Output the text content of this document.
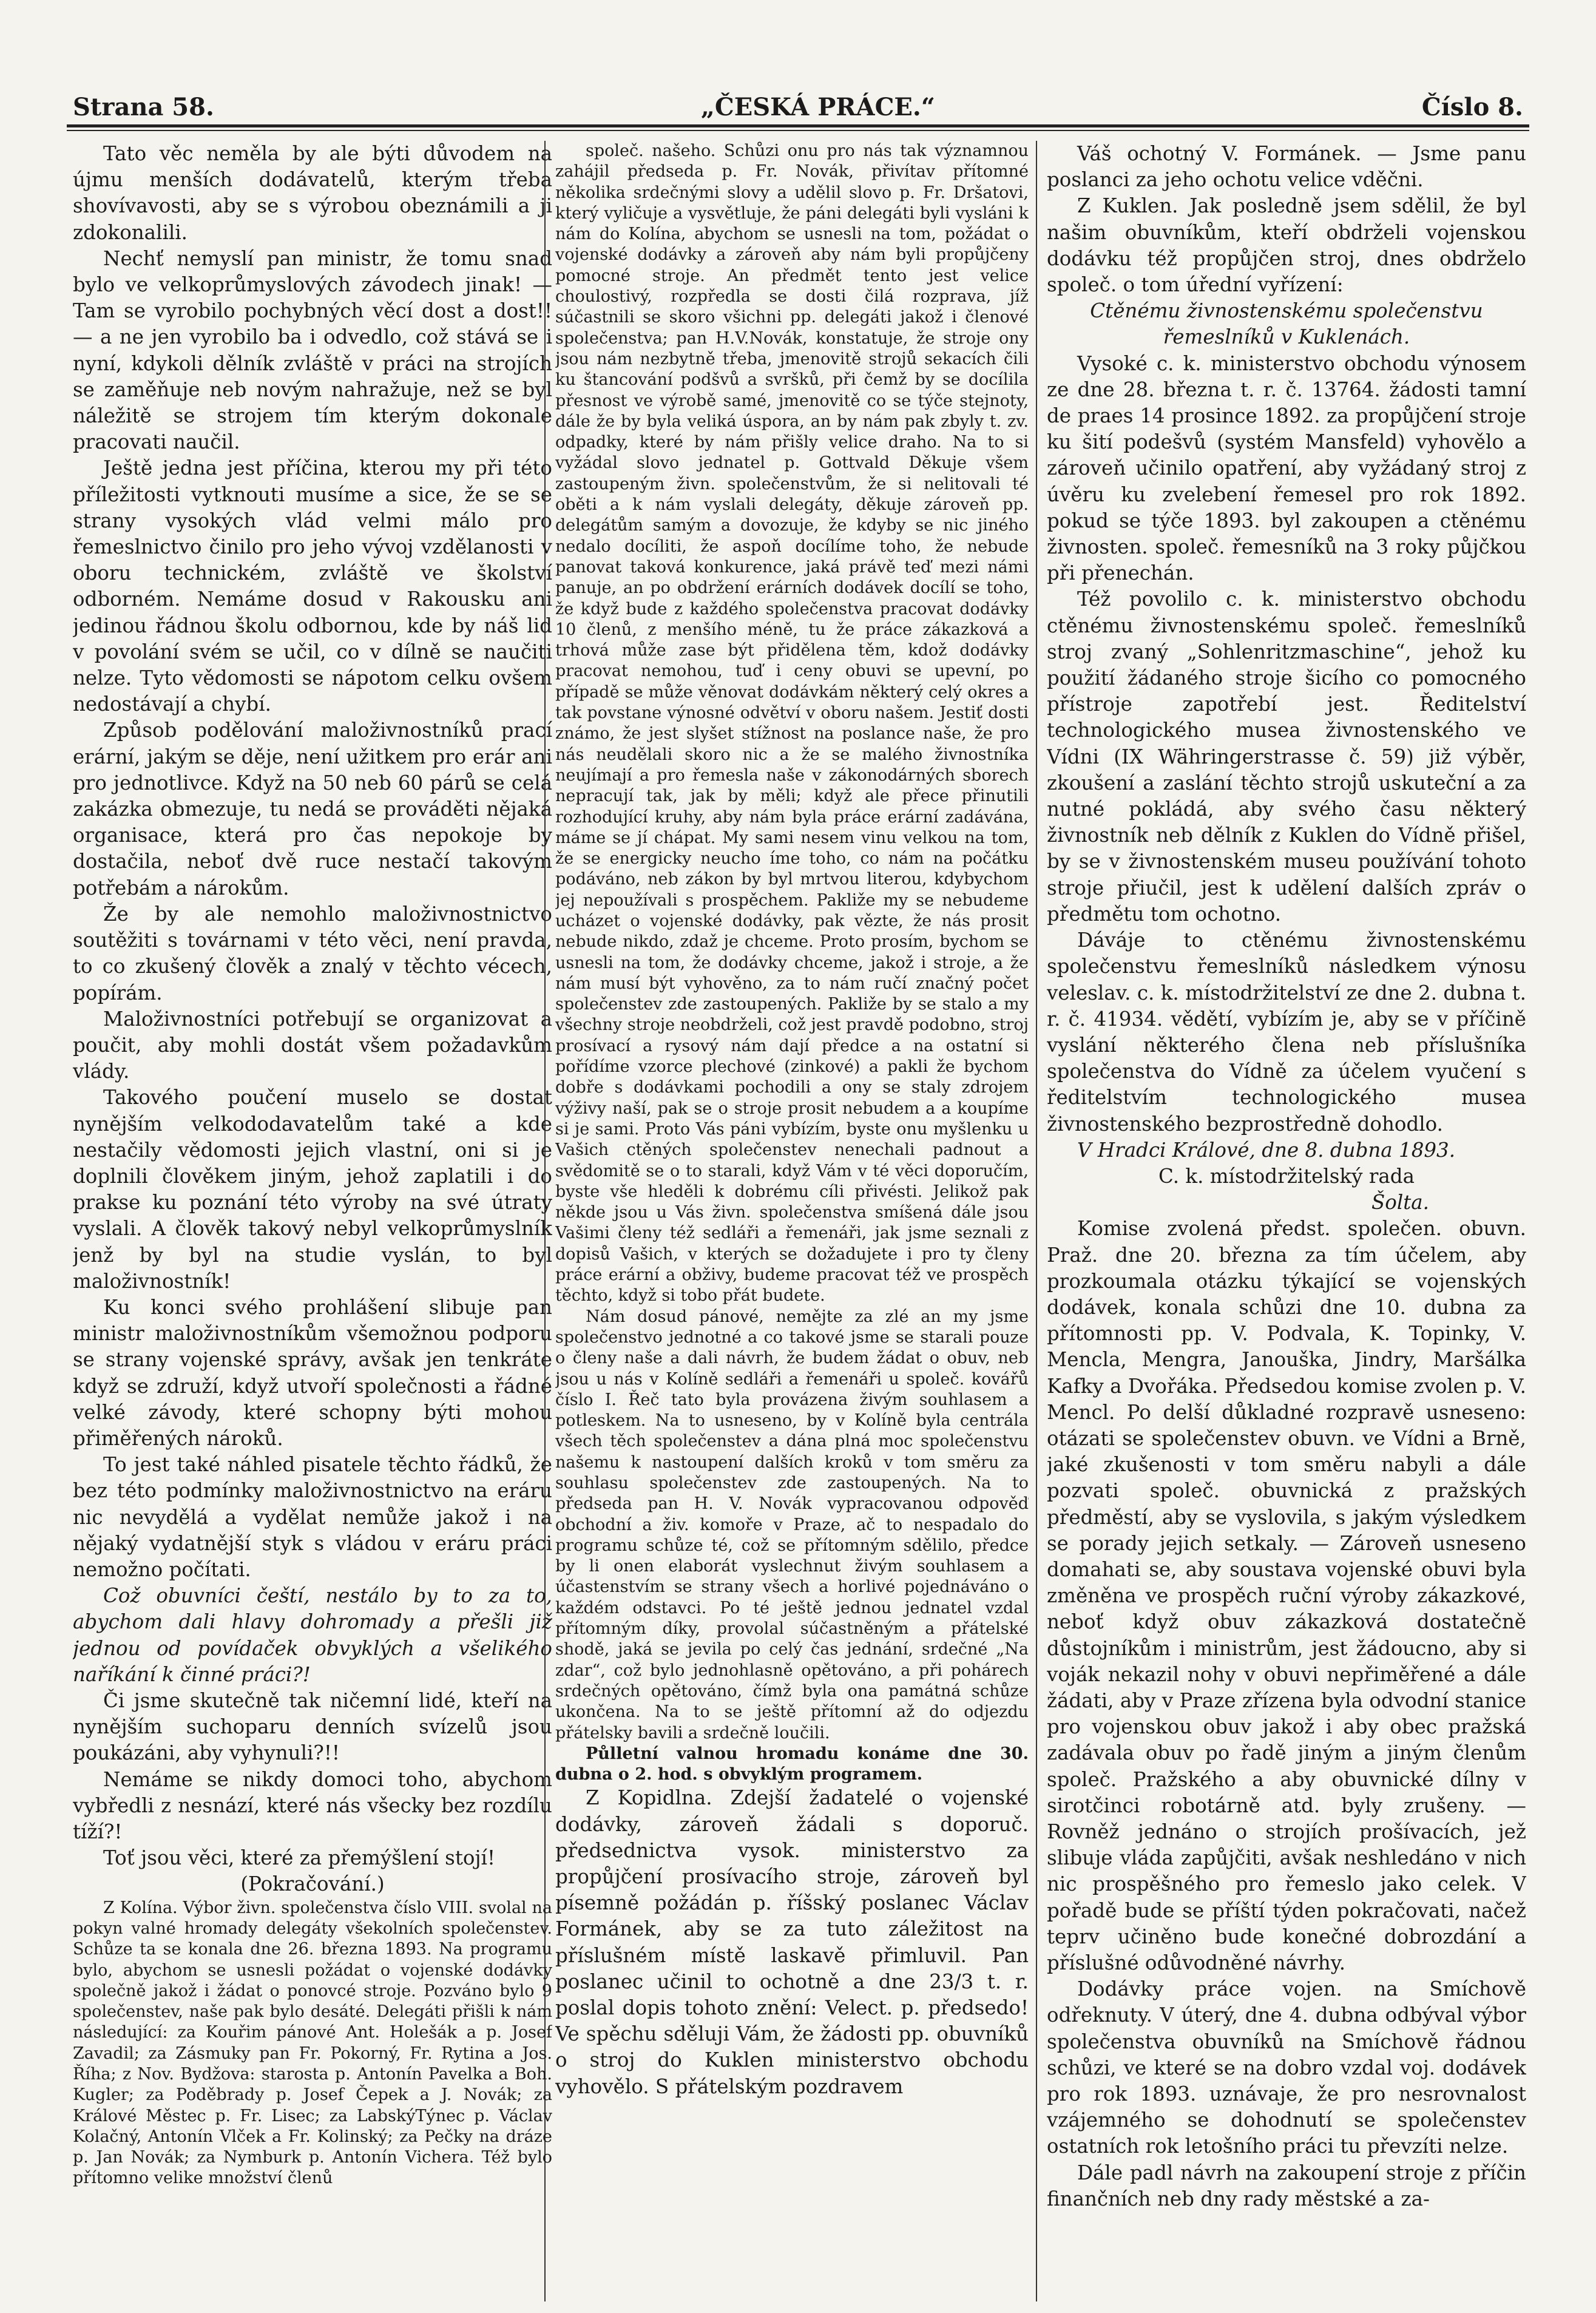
Strana 58.	„ČESKÁ PRÁCE.“	Číslo 8.

Tato věc neměla by ale býti důvodem na újmu menších dodávatelů, kterým třeba shovívavosti, aby se s výrobou obeznámili a ji zdokonalili.

Nechť nemyslí pan ministr, že tomu snad bylo ve velkoprůmyslových závodech jinak! — Tam se vyrobilo pochybných věcí dost a dost!! — a ne jen vyrobilo ba i odvedlo, což stává se i nyní, kdykoli dělník zvláště v práci na strojích se zaměňuje neb novým nahražuje, než se byl náležitě se strojem tím kterým dokonale pracovati naučil.

Ještě jedna jest příčina, kterou my při této příležitosti vytknouti musíme a sice, že se se strany vysokých vlád velmi málo pro řemeslnictvo činilo pro jeho vývoj vzdělanosti v oboru technickém, zvláště ve školství odborném. Nemáme dosud v Rakousku ani jedinou řádnou školu odbornou, kde by náš lid v povolání svém se učil, co v dílně se naučiti nelze. Tyto vědomosti se nápotom celku ovšem nedostávají a chybí.

Způsob podělování maloživnostníků prací erární, jakým se děje, není užitkem pro erár ani pro jednotlivce. Když na 50 neb 60 párů se celá zakázka obmezuje, tu nedá se prováděti nějaká organisace, která pro čas nepokoje by dostačila, neboť dvě ruce nestačí takovým potřebám a nárokům.

Že by ale nemohlo maloživnostnictvo soutěžiti s továrnami v této věci, není pravda, to co zkušený člověk a znalý v těchto vécech, popírám.

Maloživnostníci potřebují se organizovat a poučit, aby mohli dostát všem požadavkům vlády.

Takového poučení muselo se dostat nynějším velkododavatelům také a kde nestačily vědomosti jejich vlastní, oni si je doplnili člověkem jiným, jehož zaplatili i do prakse ku poznání této výroby na své útraty vyslali. A člověk takový nebyl velkoprůmyslník jenž by byl na studie vyslán, to byl maloživnostník!

Ku konci svého prohlášení slibuje pan ministr maloživnostníkům všemožnou podporu se strany vojenské správy, avšak jen tenkráte když se združí, když utvoří společnosti a řádné velké závody, které schopny býti mohou přiměřených nároků.

To jest také náhled pisatele těchto řádků, že bez této podmínky maloživnostnictvo na eráru nic nevydělá a vydělat nemůže jakož i na nějaký vydatnější styk s vládou v eráru práci nemožno počítati.

Což obuvníci čeští, nestálo by to za to, abychom dali hlavy dohromady a přešli již jednou od povídaček obvyklých a všelikého naříkání k činné práci?!

Či jsme skutečně tak ničemní lidé, kteří na nynějším suchoparu denních svízelů jsou poukázáni, aby vyhynuli?!!

Nemáme se nikdy domoci toho, abychom vybředli z nesnází, které nás všecky bez rozdílu tíží?!

Toť jsou věci, které za přemýšlení stojí!

(Pokračování.)

Z Kolína. Výbor živn. společenstva číslo VIII. svolal na pokyn valné hromady delegáty všekolních společenstev. Schůze ta se konala dne 26. března 1893. Na programu bylo, abychom se usnesli požádat o vojenské dodávky společně jakož i žádat o ponovcé stroje. Pozváno bylo 9 společenstev, naše pak bylo desáté. Delegáti přišli k nám následující: za Kouřim pánové Ant. Holešák a p. Josef Zavadil; za Zásmuky pan Fr. Pokorný, Fr. Rytina a Jos. Říha; z Nov. Bydžova: starosta p. Antonín Pavelka a Boh. Kugler; za Poděbrady p. Josef Čepek a J. Novák; za Králové Městec p. Fr. Lisec; za LabskýTýnec p. Václav Kolačný, Antonín Vlček a Fr. Kolinský; za Pečky na dráze p. Jan Novák; za Nymburk p. Antonín Vichera. Též bylo přítomno velike množství členů

společ. našeho. Schůzi onu pro nás tak významnou zahájil předseda p. Fr. Novák, přivítav přítomné několika srdečnými slovy a udělil slovo p. Fr. Dršatovi, který vyličuje a vysvětluje, že páni delegáti byli vysláni k nám do Kolína, abychom se usnesli na tom, požádat o vojenské dodávky a zároveň aby nám byli propůjčeny pomocné stroje. An předmět tento jest velice choulostivý, rozpředla se dosti čilá rozprava, jíž súčastnili se skoro všichni pp. delegáti jakož i členové společenstva; pan H.V.Novák, konstatuje, že stroje ony jsou nám nezbytně třeba, jmenovitě strojů sekacích čili ku štancování podšvů a svršků, při čemž by se docílila přesnost ve výrobě samé, jmenovitě co se týče stejnoty, dále že by byla veliká úspora, an by nám pak zbyly t. zv. odpadky, které by nám přišly velice draho. Na to si vyžádal slovo jednatel p. Gottvald Děkuje všem zastoupeným živn. společenstvům, že si nelitovali té oběti a k nám vyslali delegáty, děkuje zároveň pp. delegátům samým a dovozuje, že kdyby se nic jiného nedalo docíliti, že aspoň docílíme toho, že nebude panovat taková konkurence, jaká právě teď mezi námi panuje, an po obdržení erárních dodávek docílí se toho, že když bude z každého společenstva pracovat dodávky 10 členů, z menšího méně, tu že práce zákazková a trhová může zase být přidělena těm, kdož dodávky pracovat nemohou, tuď i ceny obuvi se upevní, po případě se může věnovat dodávkám některý celý okres a tak povstane výnosné odvětví v oboru našem. Jestiť dosti známo, že jest slyšet stížnost na poslance naše, že pro nás neudělali skoro nic a že se malého živnostníka neujímají a pro řemesla naše v zákonodárných sborech nepracují tak, jak by měli; když ale přece přinutili rozhodující kruhy, aby nám byla práce erární zadávána, máme se jí chápat. My sami nesem vinu velkou na tom, že se energicky neucho íme toho, co nám na počátku podáváno, neb zákon by byl mrtvou literou, kdybychom jej nepoužívali s prospěchem. Pakliže my se nebudeme ucházet o vojenské dodávky, pak vězte, že nás prosit nebude nikdo, zdaž je chceme. Proto prosím, bychom se usnesli na tom, že dodávky chceme, jakož i stroje, a že nám musí být vyhověno, za to nám ručí značný počet společenstev zde zastoupených. Pakliže by se stalo a my všechny stroje neobdrželi, což jest pravdě podobno, stroj prosívací a rysový nám dají předce a na ostatní si pořídíme vzorce plechové (zinkové) a pakli že bychom dobře s dodávkami pochodili a ony se staly zdrojem výživy naší, pak se o stroje prosit nebudem a a koupíme si je sami. Proto Vás páni vybízím, byste onu myšlenku u Vašich ctěných společenstev nenechali padnout a svědomitě se o to starali, když Vám v té věci doporučím, byste vše hleděli k dobrému cíli přivésti. Jelikož pak někde jsou u Vás živn. společenstva smíšená dále jsou Vašimi členy též sedláři a řemenáři, jak jsme seznali z dopisů Vašich, v kterých se dožadujete i pro ty členy práce erární a obživy, budeme pracovat též ve prospěch těchto, když si tobo přát budete.

Nám dosud pánové, nemějte za zlé an my jsme společenstvo jednotné a co takové jsme se starali pouze o členy naše a dali návrh, že budem žádat o obuv, neb jsou u nás v Kolíně sedláři a řemenáři u společ. kovářů číslo I. Řeč tato byla provázena živým souhlasem a potleskem. Na to usneseno, by v Kolíně byla centrála všech těch společenstev a dána plná moc společenstvu našemu k nastoupení dalších kroků v tom směru za souhlasu společenstev zde zastoupených. Na to předseda pan H. V. Novák vypracovanou odpověď obchodní a živ. komoře v Praze, ač to nespadalo do programu schůze té, což se přítomným sdělilo, předce by li onen elaborát vyslechnut živým souhlasem a účastenstvím se strany všech a horlivé pojednáváno o každém odstavci. Po té ještě jednou jednatel vzdal přítomným díky, provolal súčastněným a přátelské shodě, jaká se jevila po celý čas jednání, srdečné „Na zdar“, což bylo jednohlasně opětováno, a při pohárech srdečných opětováno, čímž byla ona památná schůze ukončena. Na to se ještě přítomní až do odjezdu přátelsky bavili a srdečně loučili.

Půlletní valnou hromadu konáme dne 30. dubna o 2. hod. s obvyklým programem.

Z Kopidlna. Zdejší žadatelé o vojenské dodávky, zároveň žádali s doporuč. předsednictva vysok. ministerstvo za propůjčení prosívacího stroje, zároveň byl písemně požádán p. říšský poslanec Václav Formánek, aby se za tuto záležitost na příslušném místě laskavě přimluvil. Pan poslanec učinil to ochotně a dne 23/3 t. r. poslal dopis tohoto znění: Velect. p. předsedo! Ve spěchu sděluji Vám, že žádosti pp. obuvníků o stroj do Kuklen ministerstvo obchodu vyhovělo. S přátelským pozdravem

Váš ochotný V. Formánek. — Jsme panu poslanci za jeho ochotu velice vděčni.

Z Kuklen. Jak posledně jsem sdělil, že byl našim obuvníkům, kteří obdrželi vojenskou dodávku též propůjčen stroj, dnes obdrželo společ. o tom úřední vyřízení:

Ctěnému živnostenskému společenstvu řemeslníků v Kuklenách.

Vysoké c. k. ministerstvo obchodu výnosem ze dne 28. března t. r. č. 13764. žádosti tamní de praes 14 prosince 1892. za propůjčení stroje ku šití podešvů (systém Mansfeld) vyhovělo a zároveň učinilo opatření, aby vyžádaný stroj z úvěru ku zvelebení řemesel pro rok 1892. pokud se týče 1893. byl zakoupen a ctěnému živnosten. společ. řemesníků na 3 roky půjčkou při přenechán.

Též povolilo c. k. ministerstvo obchodu ctěnému živnostenskému společ. řemeslníků stroj zvaný „Sohlenritzmaschine“, jehož ku použití žádaného stroje šicího co pomocného přístroje zapotřebí jest. Ředitelství technologického musea živnostenského ve Vídni (IX Währingerstrasse č. 59) již výběr, zkoušení a zaslání těchto strojů uskuteční a za nutné pokládá, aby svého času některý živnostník neb dělník z Kuklen do Vídně přišel, by se v živnostenském museu používání tohoto stroje přiučil, jest k udělení dalších zpráv o předmětu tom ochotno.

Dáváje to ctěnému živnostenskému společenstvu řemeslníků následkem výnosu veleslav. c. k. místodržitelství ze dne 2. dubna t. r. č. 41934. vědětí, vybízím je, aby se v příčině vyslání některého člena neb příslušníka společenstva do Vídně za účelem vyučení s ředitelstvím technologického musea živnostenského bezprostředně dohodlo.

V Hradci Králové, dne 8. dubna 1893.

C. k. místodržitelský rada

Šolta.

Komise zvolená předst. společen. obuvn. Praž. dne 20. března za tím účelem, aby prozkoumala otázku týkající se vojenských dodávek, konala schůzi dne 10. dubna za přítomnosti pp. V. Podvala, K. Topinky, V. Mencla, Mengra, Janouška, Jindry, Maršálka Kafky a Dvořáka. Předsedou komise zvolen p. V. Mencl. Po delší důkladné rozpravě usneseno: otázati se společenstev obuvn. ve Vídni a Brně, jaké zkušenosti v tom směru nabyli a dále pozvati společ. obuvnická z pražských předměstí, aby se vyslovila, s jakým výsledkem se porady jejich setkaly. — Zároveň usneseno domahati se, aby soustava vojenské obuvi byla změněna ve prospěch ruční výroby zákazkové, neboť když obuv zákazková dostatečně důstojníkům i ministrům, jest žádoucno, aby si voják nekazil nohy v obuvi nepřiměřené a dále žádati, aby v Praze zřízena byla odvodní stanice pro vojenskou obuv jakož i aby obec pražská zadávala obuv po řadě jiným a jiným členům společ. Pražského a aby obuvnické dílny v sirotčinci robotárně atd. byly zrušeny. — Rovněž jednáno o strojích prošívacích, jež slibuje vláda zapůjčiti, avšak neshledáno v nich nic prospěšného pro řemeslo jako celek. V pořadě bude se příští týden pokračovati, načež teprv učiněno bude konečné dobrozdání a příslušné odůvodněné návrhy.

Dodávky práce vojen. na Smíchově odřeknuty. V úterý, dne 4. dubna odbýval výbor společenstva obuvníků na Smíchově řádnou schůzi, ve které se na dobro vzdal voj. dodávek pro rok 1893. uznávaje, že pro nesrovnalost vzájemného se dohodnutí se společenstev ostatních rok letošního práci tu převzíti nelze.

Dále padl návrh na zakoupení stroje z příčin finančních neb dny rady městské a za-
